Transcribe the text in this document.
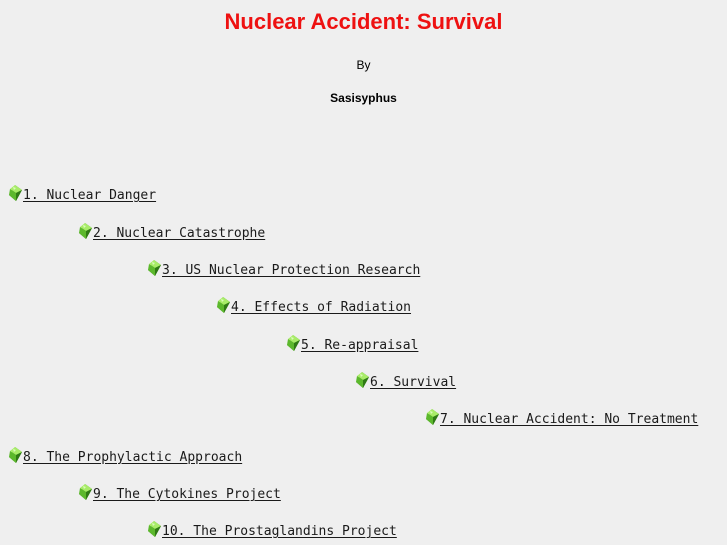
Nuclear Accident: Survival
By
Sasisyphus
1. Nuclear Danger
2. Nuclear Catastrophe
3. US Nuclear Protection Research
4. Effects of Radiation
5. Re-appraisal
6. Survival
7. Nuclear Accident: No Treatment
8. The Prophylactic Approach
9. The Cytokines Project
10. The Prostaglandins Project
